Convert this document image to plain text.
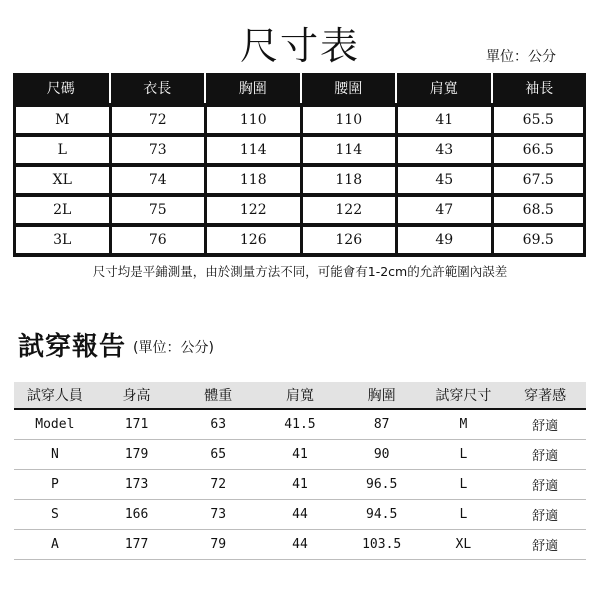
尺寸表	單位：公分
尺碼	衣長	胸圍	腰圍	肩寬	袖長
M	72	110	110	41	65.5
L	73	114	114	43	66.5
XL	74	118	118	45	67.5
2L	75	122	122	47	68.5
3L	76	126	126	49	69.5
尺寸均是平鋪測量，由於測量方法不同，可能會有1-2cm的允許範圍內誤差
試穿報告 (單位：公分)
試穿人員	身高	體重	肩寬	胸圍	試穿尺寸	穿著感
Model	171	63	41.5	87	M	舒適
N	179	65	41	90	L	舒適
P	173	72	41	96.5	L	舒適
S	166	73	44	94.5	L	舒適
A	177	79	44	103.5	XL	舒適
